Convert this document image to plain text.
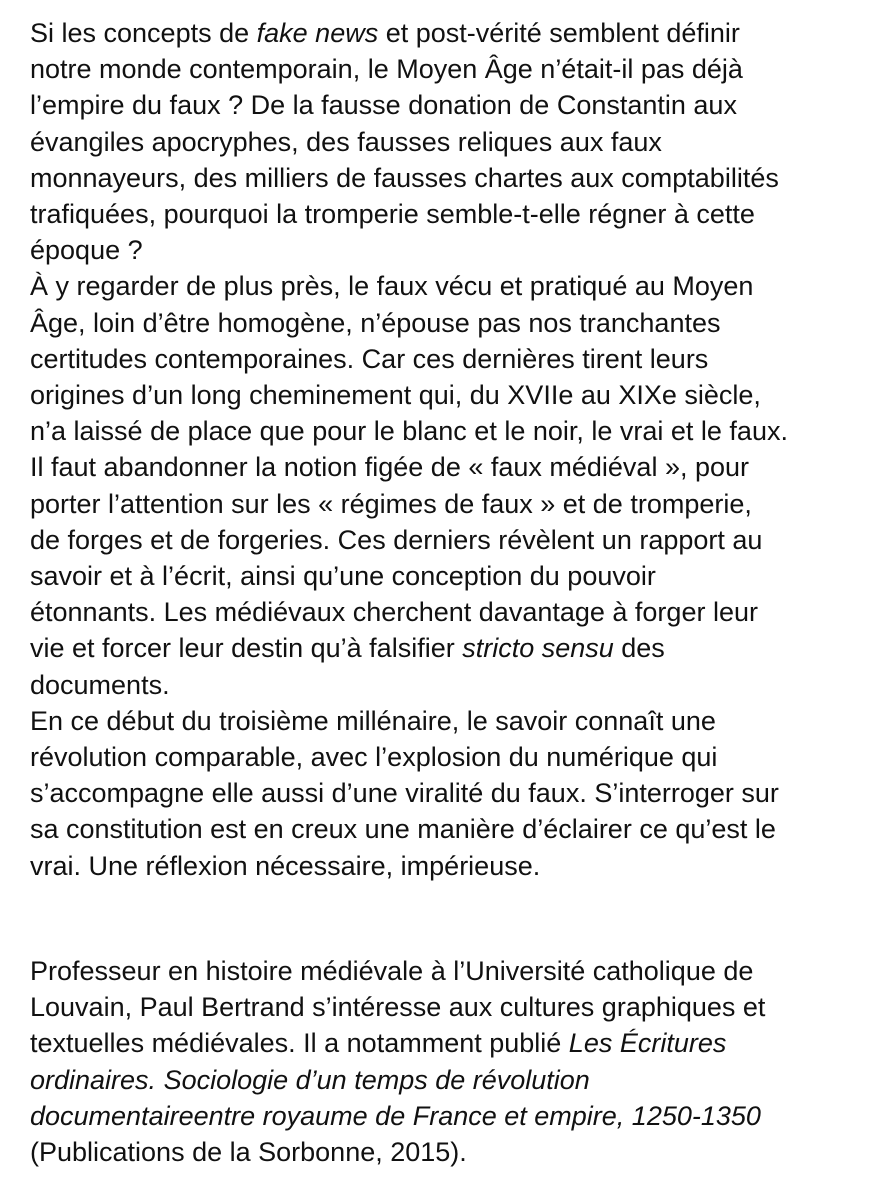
Si les concepts de fake news et post-vérité semblent définir
notre monde contemporain, le Moyen Âge n’était-il pas déjà
l’empire du faux ? De la fausse donation de Constantin aux
évangiles apocryphes, des fausses reliques aux faux
monnayeurs, des milliers de fausses chartes aux comptabilités
trafiquées, pourquoi la tromperie semble-t-elle régner à cette
époque ?
À y regarder de plus près, le faux vécu et pratiqué au Moyen
Âge, loin d’être homogène, n’épouse pas nos tranchantes
certitudes contemporaines. Car ces dernières tirent leurs
origines d’un long cheminement qui, du XVIIe au XIXe siècle,
n’a laissé de place que pour le blanc et le noir, le vrai et le faux.
Il faut abandonner la notion figée de « faux médiéval », pour
porter l’attention sur les « régimes de faux » et de tromperie,
de forges et de forgeries. Ces derniers révèlent un rapport au
savoir et à l’écrit, ainsi qu’une conception du pouvoir
étonnants. Les médiévaux cherchent davantage à forger leur
vie et forcer leur destin qu’à falsifier stricto sensu des
documents.
En ce début du troisième millénaire, le savoir connaît une
révolution comparable, avec l’explosion du numérique qui
s’accompagne elle aussi d’une viralité du faux. S’interroger sur
sa constitution est en creux une manière d’éclairer ce qu’est le
vrai. Une réflexion nécessaire, impérieuse.
Professeur en histoire médiévale à l’Université catholique de
Louvain, Paul Bertrand s’intéresse aux cultures graphiques et
textuelles médiévales. Il a notamment publié Les Écritures
ordinaires. Sociologie d’un temps de révolution
documentaireentre royaume de France et empire, 1250-1350
(Publications de la Sorbonne, 2015).
